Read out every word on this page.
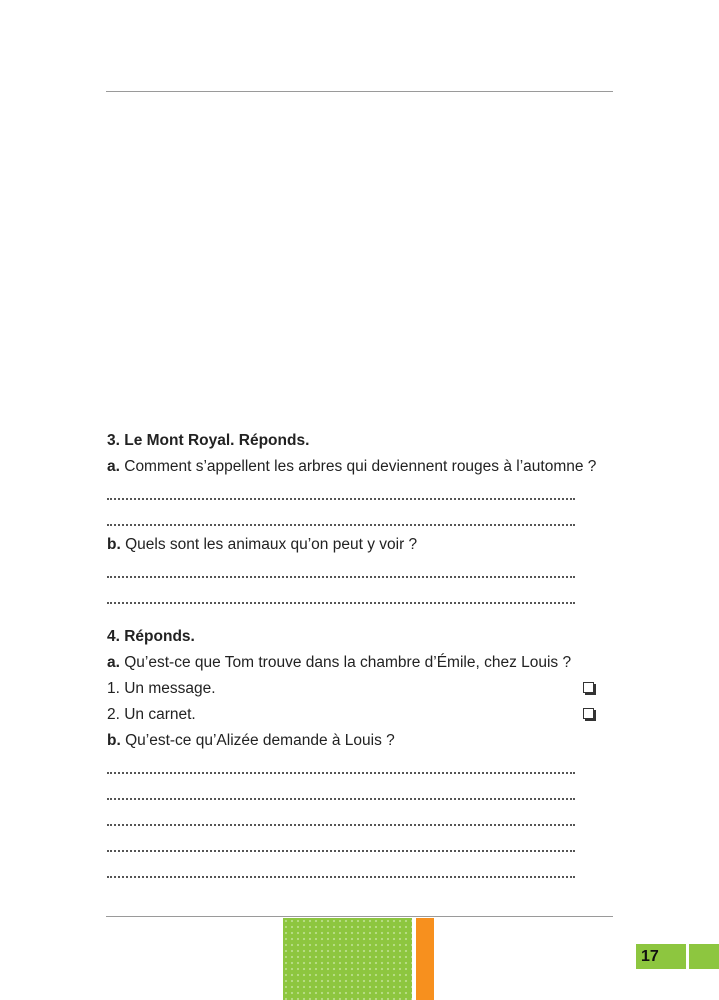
3. Le Mont Royal. Réponds.
a. Comment s’appellent les arbres qui deviennent rouges à l’automne ?
b. Quels sont les animaux qu’on peut y voir ?
4. Réponds.
a. Qu’est-ce que Tom trouve dans la chambre d’Émile, chez Louis ?
1. Un message.
2. Un carnet.
b. Qu’est-ce qu’Alizée demande à Louis ?
17
